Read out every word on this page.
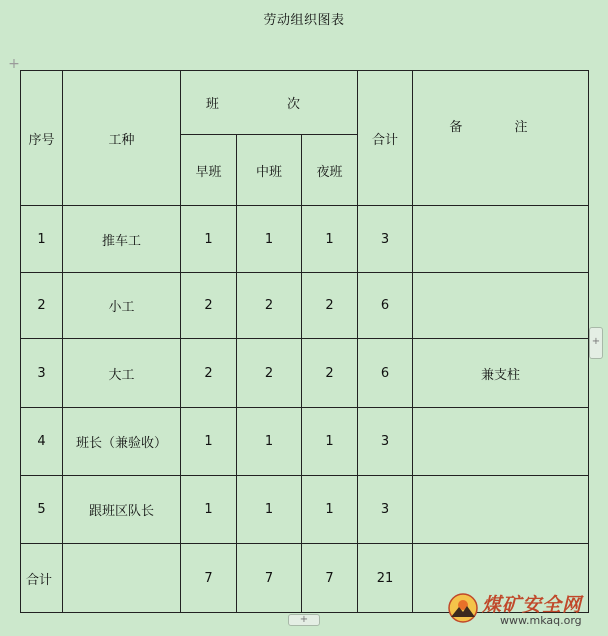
劳动组织图表
+
序号	工种	班 次			合计	备 注
		早班	中班	夜班		
1	推车工	1	1	1	3	
2	小工	2	2	2	6	
3	大工	2	2	2	6	兼支柱
4	班长（兼验收）	1	1	1	3	
5	跟班区队长	1	1	1	3	
合计		7	7	7	21	
+
+
煤矿安全网
www.mkaq.org
